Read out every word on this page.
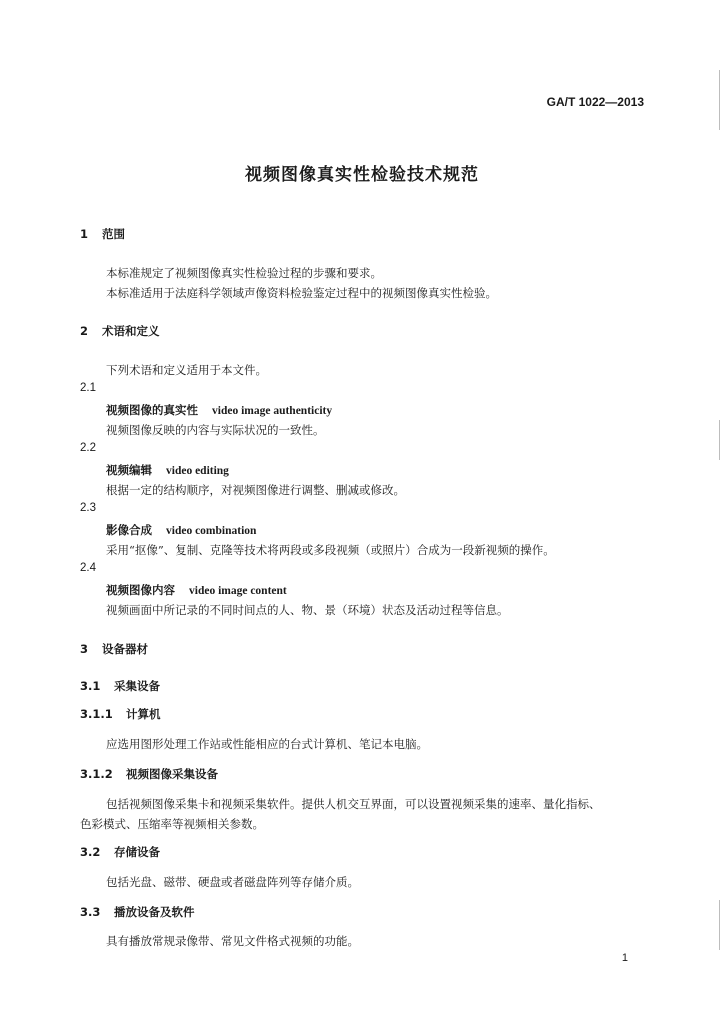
GA/T 1022—2013
视频图像真实性检验技术规范
1 范围
本标准规定了视频图像真实性检验过程的步骤和要求。
本标准适用于法庭科学领域声像资料检验鉴定过程中的视频图像真实性检验。
2 术语和定义
下列术语和定义适用于本文件。
2.1
视频图像的真实性 video image authenticity
视频图像反映的内容与实际状况的一致性。
2.2
视频编辑 video editing
根据一定的结构顺序，对视频图像进行调整、删减或修改。
2.3
影像合成 video combination
采用“抠像”、复制、克隆等技术将两段或多段视频（或照片）合成为一段新视频的操作。
2.4
视频图像内容 video image content
视频画面中所记录的不同时间点的人、物、景（环境）状态及活动过程等信息。
3 设备器材
3.1 采集设备
3.1.1 计算机
应选用图形处理工作站或性能相应的台式计算机、笔记本电脑。
3.1.2 视频图像采集设备
包括视频图像采集卡和视频采集软件。提供人机交互界面，可以设置视频采集的速率、量化指标、
色彩模式、压缩率等视频相关参数。
3.2 存储设备
包括光盘、磁带、硬盘或者磁盘阵列等存储介质。
3.3 播放设备及软件
具有播放常规录像带、常见文件格式视频的功能。
1
